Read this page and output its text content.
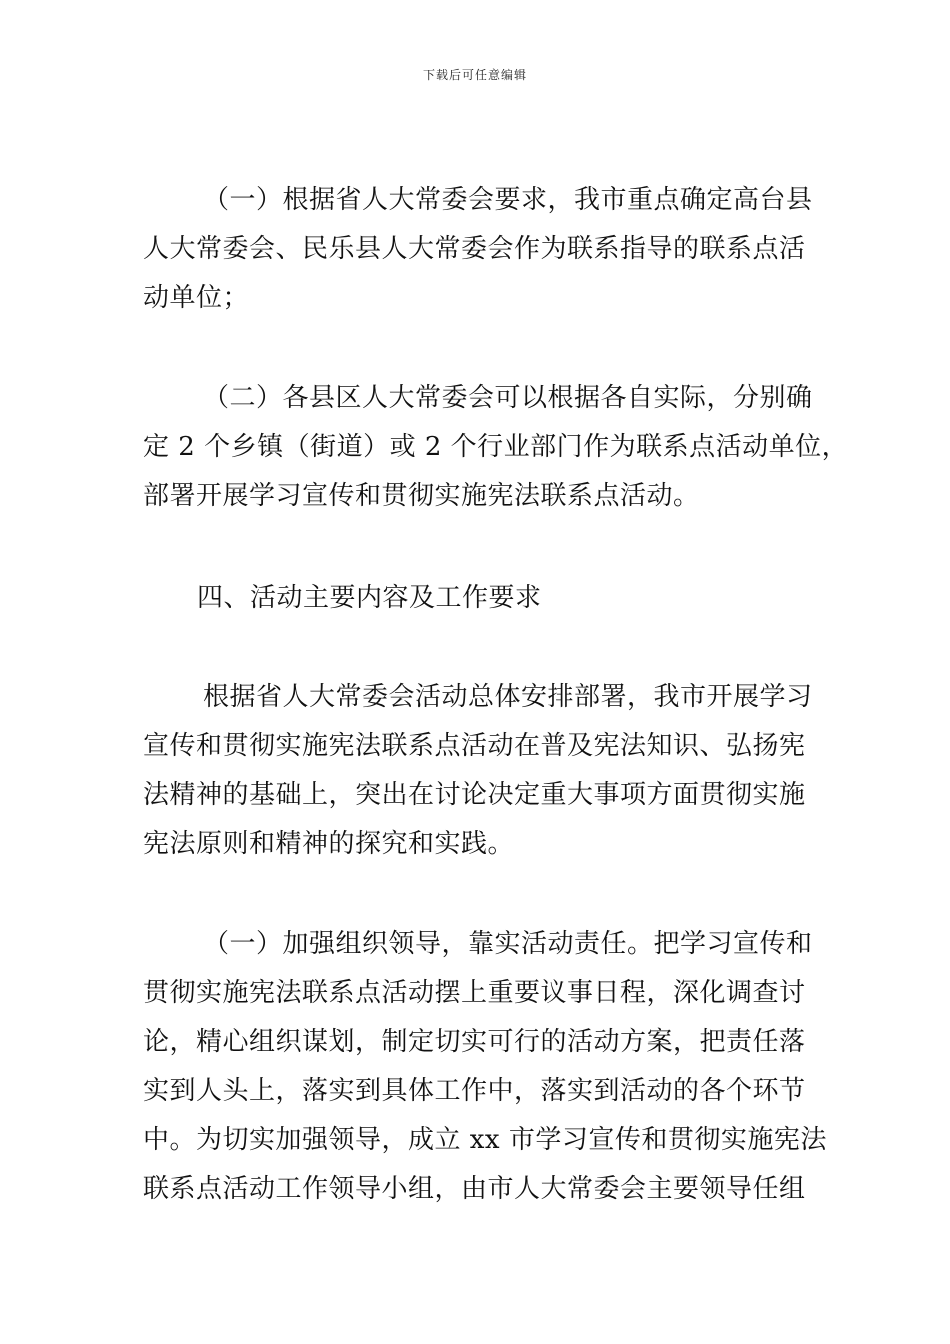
下载后可任意编辑

（一）根据省人大常委会要求，我市重点确定高台县
人大常委会、民乐县人大常委会作为联系指导的联系点活
动单位；

（二）各县区人大常委会可以根据各自实际，分别确
定 2 个乡镇（街道）或 2 个行业部门作为联系点活动单位，
部署开展学习宣传和贯彻实施宪法联系点活动。

四、活动主要内容及工作要求

根据省人大常委会活动总体安排部署，我市开展学习
宣传和贯彻实施宪法联系点活动在普及宪法知识、弘扬宪
法精神的基础上，突出在讨论决定重大事项方面贯彻实施
宪法原则和精神的探究和实践。

（一）加强组织领导，靠实活动责任。把学习宣传和
贯彻实施宪法联系点活动摆上重要议事日程，深化调查讨
论，精心组织谋划，制定切实可行的活动方案，把责任落
实到人头上，落实到具体工作中，落实到活动的各个环节
中。为切实加强领导，成立 xx 市学习宣传和贯彻实施宪法
联系点活动工作领导小组，由市人大常委会主要领导任组
